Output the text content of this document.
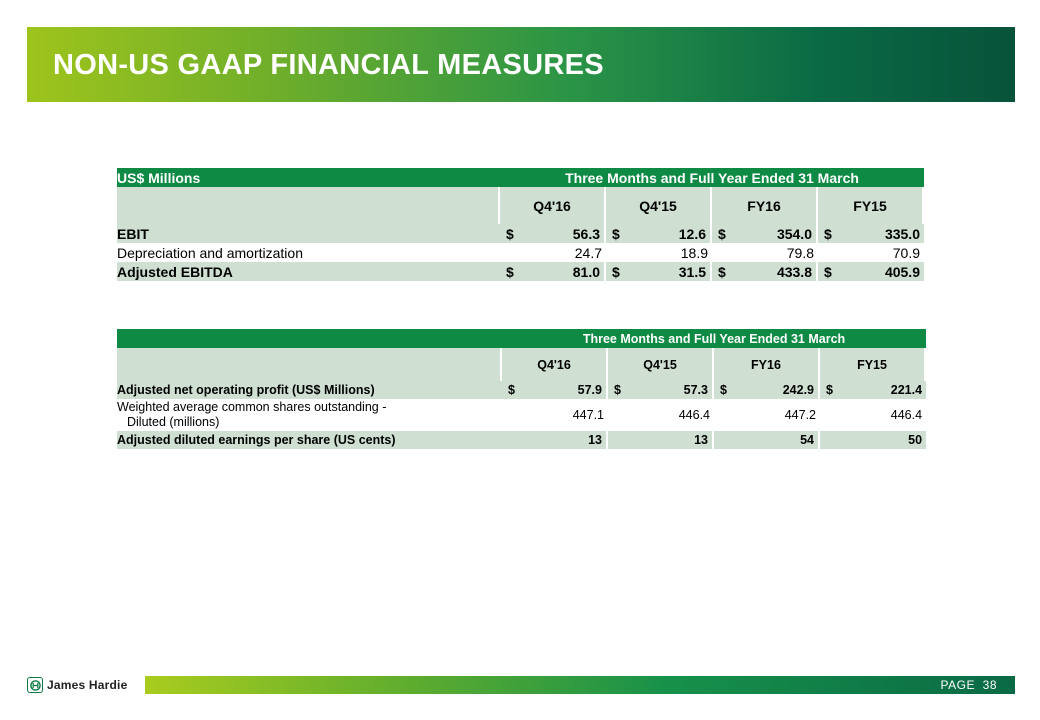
NON-US GAAP FINANCIAL MEASURES
US$ Millions	Three Months and Full Year Ended 31 March			
	Q4'16	Q4'15	FY16	FY15
EBIT	$ 56.3	$ 12.6	$ 354.0	$ 335.0

Depreciation and amortization	24.7	18.9	79.8	70.9

Adjusted EBITDA	$ 81.0	$ 31.5	$ 433.8	$ 405.9
	Three Months and Full Year Ended 31 March			
	Q4'16	Q4'15	FY16	FY15
Adjusted net operating profit (US$ Millions)	$ 57.9	$ 57.3	$ 242.9	$ 221.4

Weighted average common shares outstanding -
Diluted (millions)	447.1	446.4	447.2	446.4

Adjusted diluted earnings per share (US cents)	13	13	54	50
James Hardie	PAGE 38
